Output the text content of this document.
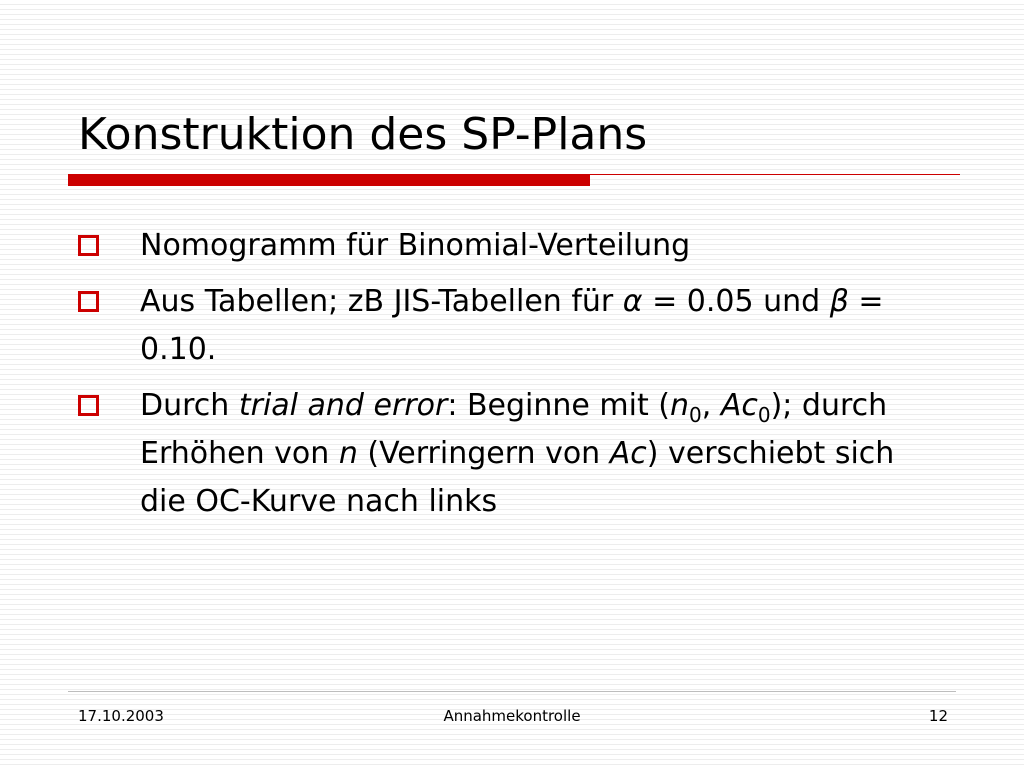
Konstruktion des SP-Plans
Nomogramm für Binomial-Verteilung
Aus Tabellen; zB JIS-Tabellen für α = 0.05 und β = 0.10.
Durch trial and error: Beginne mit ($n_0$, $Ac_0$); durch Erhöhen von n (Verringern von Ac) verschiebt sich die OC-Kurve nach links
17.10.2003	Annahmekontrolle	12
